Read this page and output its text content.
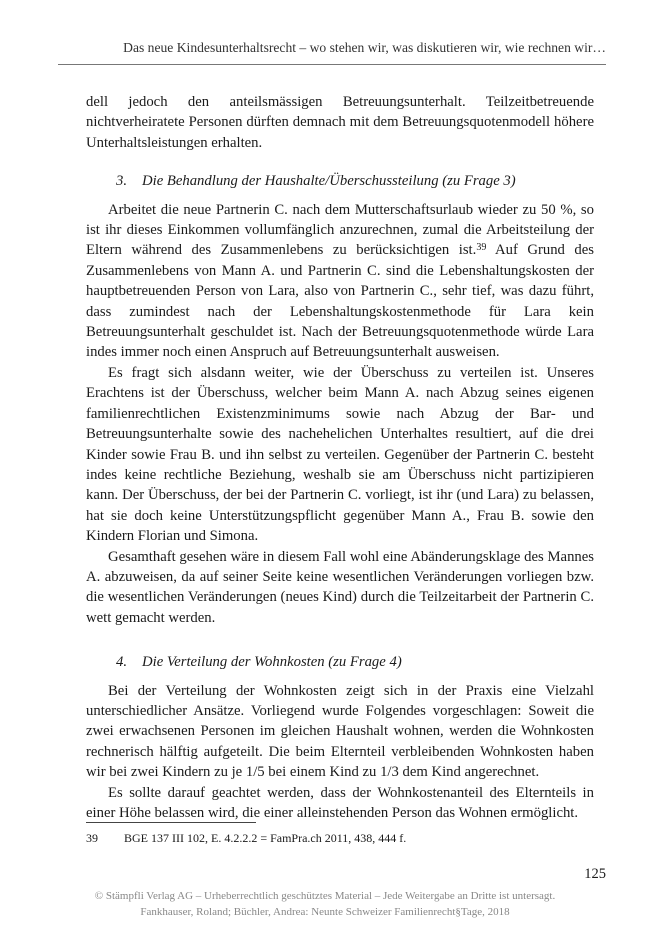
Das neue Kindesunterhaltsrecht – wo stehen wir, was diskutieren wir, wie rechnen wir…

dell jedoch den anteilsmässigen Betreuungsunterhalt. Teilzeitbetreuende nichtverheiratete Personen dürften demnach mit dem Betreuungsquotenmodell höhere Unterhaltsleistungen erhalten.

3. Die Behandlung der Haushalte/Überschussteilung (zu Frage 3)

Arbeitet die neue Partnerin C. nach dem Mutterschaftsurlaub wieder zu 50 %, so ist ihr dieses Einkommen vollumfänglich anzurechnen, zumal die Arbeitsteilung der Eltern während des Zusammenlebens zu berücksichtigen ist.$^{39}$ Auf Grund des Zusammenlebens von Mann A. und Partnerin C. sind die Lebenshaltungskosten der hauptbetreuenden Person von Lara, also von Partnerin C., sehr tief, was dazu führt, dass zumindest nach der Lebenshaltungskostenmethode für Lara kein Betreuungsunterhalt geschuldet ist. Nach der Betreuungsquotenmethode würde Lara indes immer noch einen Anspruch auf Betreuungsunterhalt ausweisen.

Es fragt sich alsdann weiter, wie der Überschuss zu verteilen ist. Unseres Erachtens ist der Überschuss, welcher beim Mann A. nach Abzug seines eigenen familienrechtlichen Existenzminimums sowie nach Abzug der Bar- und Betreuungsunterhalte sowie des nachehelichen Unterhaltes resultiert, auf die drei Kinder sowie Frau B. und ihn selbst zu verteilen. Gegenüber der Partnerin C. besteht indes keine rechtliche Beziehung, weshalb sie am Überschuss nicht partizipieren kann. Der Überschuss, der bei der Partnerin C. vorliegt, ist ihr (und Lara) zu belassen, hat sie doch keine Unterstützungspflicht gegenüber Mann A., Frau B. sowie den Kindern Florian und Simona.

Gesamthaft gesehen wäre in diesem Fall wohl eine Abänderungsklage des Mannes A. abzuweisen, da auf seiner Seite keine wesentlichen Veränderungen vorliegen bzw. die wesentlichen Veränderungen (neues Kind) durch die Teilzeitarbeit der Partnerin C. wett gemacht werden.

4. Die Verteilung der Wohnkosten (zu Frage 4)

Bei der Verteilung der Wohnkosten zeigt sich in der Praxis eine Vielzahl unterschiedlicher Ansätze. Vorliegend wurde Folgendes vorgeschlagen: Soweit die zwei erwachsenen Personen im gleichen Haushalt wohnen, werden die Wohnkosten rechnerisch hälftig aufgeteilt. Die beim Elternteil verbleibenden Wohnkosten haben wir bei zwei Kindern zu je 1/5 bei einem Kind zu 1/3 dem Kind angerechnet.

Es sollte darauf geachtet werden, dass der Wohnkostenanteil des Elternteils in einer Höhe belassen wird, die einer alleinstehenden Person das Wohnen ermöglicht.

39 BGE 137 III 102, E. 4.2.2.2 = FamPra.ch 2011, 438, 444 f.
125
© Stämpfli Verlag AG – Urheberrechtlich geschütztes Material – Jede Weitergabe an Dritte ist untersagt.
Fankhauser, Roland; Büchler, Andrea: Neunte Schweizer Familienrecht§Tage, 2018
